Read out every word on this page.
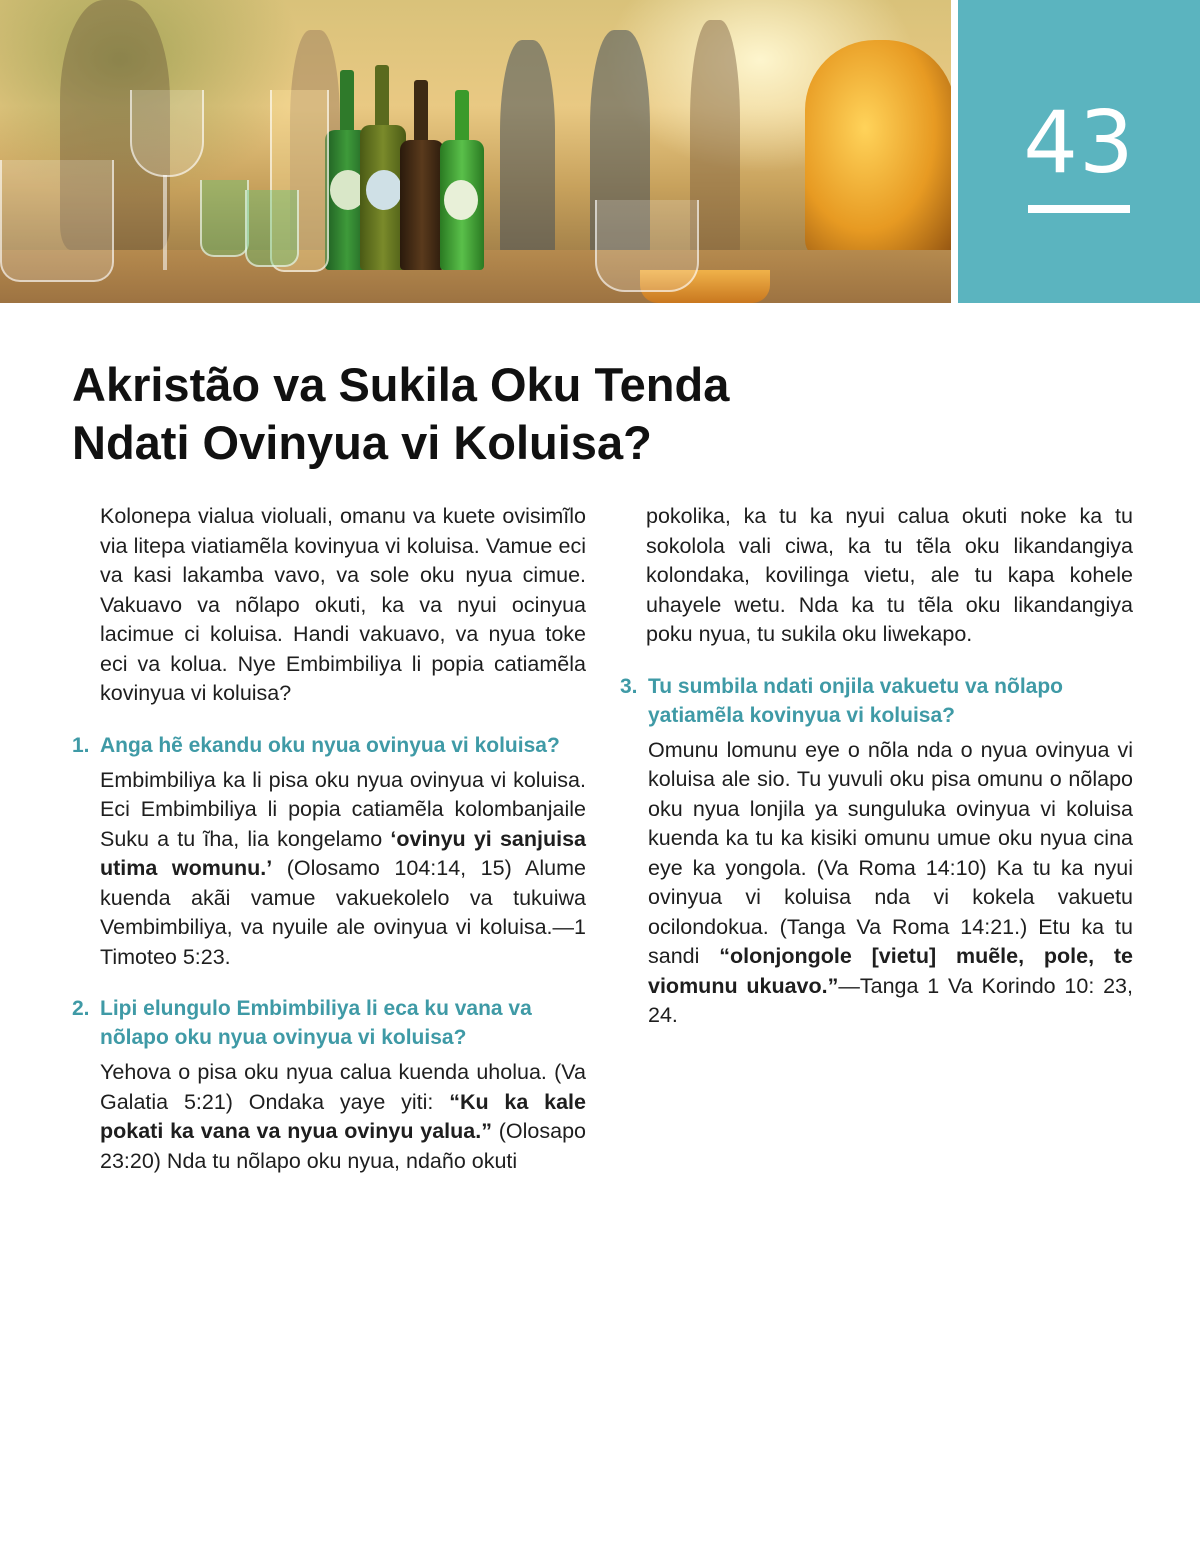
43
Akristão va Sukila Oku Tenda
Ndati Ovinyua vi Koluisa?

Kolonepa vialua violuali, omanu va kuete ovisimĩlo via litepa viatiamẽla kovinyua vi koluisa. Vamue eci va kasi lakamba vavo, va sole oku nyua cimue. Vakuavo va nõlapo okuti, ka va nyui ocinyua lacimue ci koluisa. Handi vakuavo, va nyua toke eci va kolua. Nye Embimbiliya li popia catiamẽla kovinyua vi koluisa?

1. Anga hẽ ekandu oku nyua ovinyua vi koluisa?

Embimbiliya ka li pisa oku nyua ovinyua vi koluisa. Eci Embimbiliya li popia catiamẽla kolombanjaile Suku a tu ĩha, lia kongelamo ‘ovinyu yi sanjuisa utima womunu.’ (Olosamo 104:14, 15) Alume kuenda akãi vamue vakuekolelo va tukuiwa Vembimbiliya, va nyuile ale ovinyua vi koluisa.—1 Timoteo 5:23.

2. Lipi elungulo Embimbiliya li eca ku vana va nõlapo oku nyua ovinyua vi koluisa?

Yehova o pisa oku nyua calua kuenda uholua. (Va Galatia 5:21) Ondaka yaye yiti: “Ku ka kale pokati ka vana va nyua ovinyu yalua.” (Olosapo 23:20) Nda tu nõlapo oku nyua, ndaño okuti

pokolika, ka tu ka nyui calua okuti noke ka tu sokolola vali ciwa, ka tu tẽla oku likandangiya kolondaka, kovilinga vietu, ale tu kapa kohele uhayele wetu. Nda ka tu tẽla oku likandangiya poku nyua, tu sukila oku liwekapo.

3. Tu sumbila ndati onjila vakuetu va nõlapo yatiamẽla kovinyua vi koluisa?

Omunu lomunu eye o nõla nda o nyua ovinyua vi koluisa ale sio. Tu yuvuli oku pisa omunu o nõlapo oku nyua lonjila ya sunguluka ovinyua vi koluisa kuenda ka tu ka kisiki omunu umue oku nyua cina eye ka yongola. (Va Roma 14:10) Ka tu ka nyui ovinyua vi koluisa nda vi kokela vakuetu ocilondokua. (Tanga Va Roma 14:21.) Etu ka tu sandi “olonjongole [vietu] muẽle, pole, te viomunu ukuavo.”—Tanga 1 Va Korindo 10: 23, 24.
